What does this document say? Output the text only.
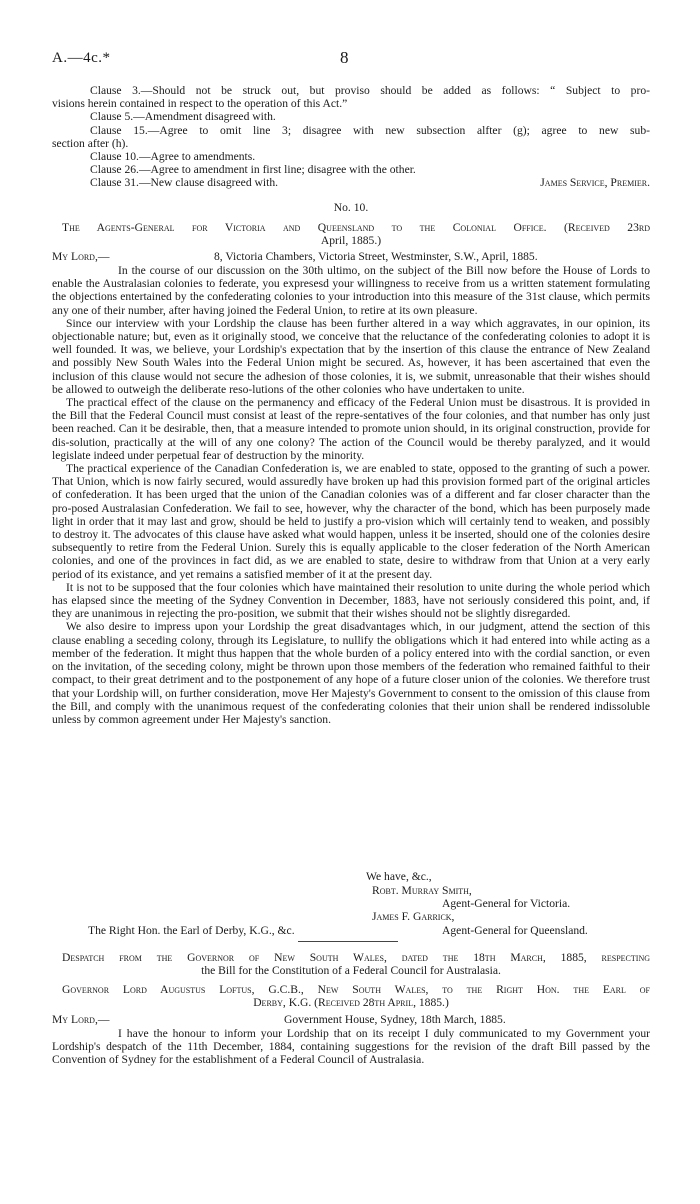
A.—4c.*	8
Clause 3.—Should not be struck out, but proviso should be added as follows: “ Subject to pro-
visions herein contained in respect to the operation of this Act.”
Clause 5.—Amendment disagreed with.
Clause 15.—Agree to omit line 3; disagree with new subsection alfter (g); agree to new sub-
section after (h).
Clause 10.—Agree to amendments.
Clause 26.—Agree to amendment in first line; disagree with the other.
Clause 31.—New clause disagreed with.	James Service, Premier.
No. 10.
The Agents-General for Victoria and Queensland to the Colonial Office. (Received 23rd
April, 1885.)
My Lord,—	8, Victoria Chambers, Victoria Street, Westminster, S.W., April, 1885.

In the course of our discussion on the 30th ultimo, on the subject of the Bill now before the House of Lords to enable the Australasian colonies to federate, you expresesd your willingness to receive from us a written statement formulating the objections entertained by the confederating colonies to your introduction into this measure of the 31st clause, which permits any one of their number, after having joined the Federal Union, to retire at its own pleasure.

Since our interview with your Lordship the clause has been further altered in a way which aggravates, in our opinion, its objectionable nature; but, even as it originally stood, we conceive that the reluctance of the confederating colonies to adopt it is well founded. It was, we believe, your Lordship's expectation that by the insertion of this clause the entrance of New Zealand and possibly New South Wales into the Federal Union might be secured. As, however, it has been ascertained that even the inclusion of this clause would not secure the adhesion of those colonies, it is, we submit, unreasonable that their wishes should be allowed to outweigh the deliberate reso-lutions of the other colonies who have undertaken to unite.

The practical effect of the clause on the permanency and efficacy of the Federal Union must be disastrous. It is provided in the Bill that the Federal Council must consist at least of the repre-sentatives of the four colonies, and that number has only just been reached. Can it be desirable, then, that a measure intended to promote union should, in its original construction, provide for dis-solution, practically at the will of any one colony? The action of the Council would be thereby paralyzed, and it would legislate indeed under perpetual fear of destruction by the minority.

The practical experience of the Canadian Confederation is, we are enabled to state, opposed to the granting of such a power. That Union, which is now fairly secured, would assuredly have broken up had this provision formed part of the original articles of confederation. It has been urged that the union of the Canadian colonies was of a different and far closer character than the pro-posed Australasian Confederation. We fail to see, however, why the character of the bond, which has been purposely made light in order that it may last and grow, should be held to justify a pro-vision which will certainly tend to weaken, and possibly to destroy it. The advocates of this clause have asked what would happen, unless it be inserted, should one of the colonies desire subsequently to retire from the Federal Union. Surely this is equally applicable to the closer federation of the North American colonies, and one of the provinces in fact did, as we are enabled to state, desire to withdraw from that Union at a very early period of its existance, and yet remains a satisfied member of it at the present day.

It is not to be supposed that the four colonies which have maintained their resolution to unite during the whole period which has elapsed since the meeting of the Sydney Convention in December, 1883, have not seriously considered this point, and, if they are unanimous in rejecting the pro-position, we submit that their wishes should not be slightly disregarded.

We also desire to impress upon your Lordship the great disadvantages which, in our judgment, attend the section of this clause enabling a seceding colony, through its Legislature, to nullify the obligations which it had entered into while acting as a member of the federation. It might thus happen that the whole burden of a policy entered into with the cordial sanction, or even on the invitation, of the seceding colony, might be thrown upon those members of the federation who remained faithful to their compact, to their great detriment and to the postponement of any hope of a future closer union of the colonies. We therefore trust that your Lordship will, on further consideration, move Her Majesty's Government to consent to the omission of this clause from the Bill, and comply with the unanimous request of the confederating colonies that their union shall be rendered indissoluble unless by common agreement under Her Majesty's sanction.

We have, &c.,
Robt. Murray Smith,
Agent-General for Victoria.
James F. Garrick,
The Right Hon. the Earl of Derby, K.G., &c.	Agent-General for Queensland.
Despatch from the Governor of New South Wales, dated the 18th March, 1885, respecting
the Bill for the Constitution of a Federal Council for Australasia.
Governor Lord Augustus Loftus, G.C.B., New South Wales, to the Right Hon. the Earl of
Derby, K.G. (Received 28th April, 1885.)
My Lord,—	Government House, Sydney, 18th March, 1885.

I have the honour to inform your Lordship that on its receipt I duly communicated to my Government your Lordship's despatch of the 11th December, 1884, containing suggestions for the revision of the draft Bill passed by the Convention of Sydney for the establishment of a Federal Council of Australasia.
